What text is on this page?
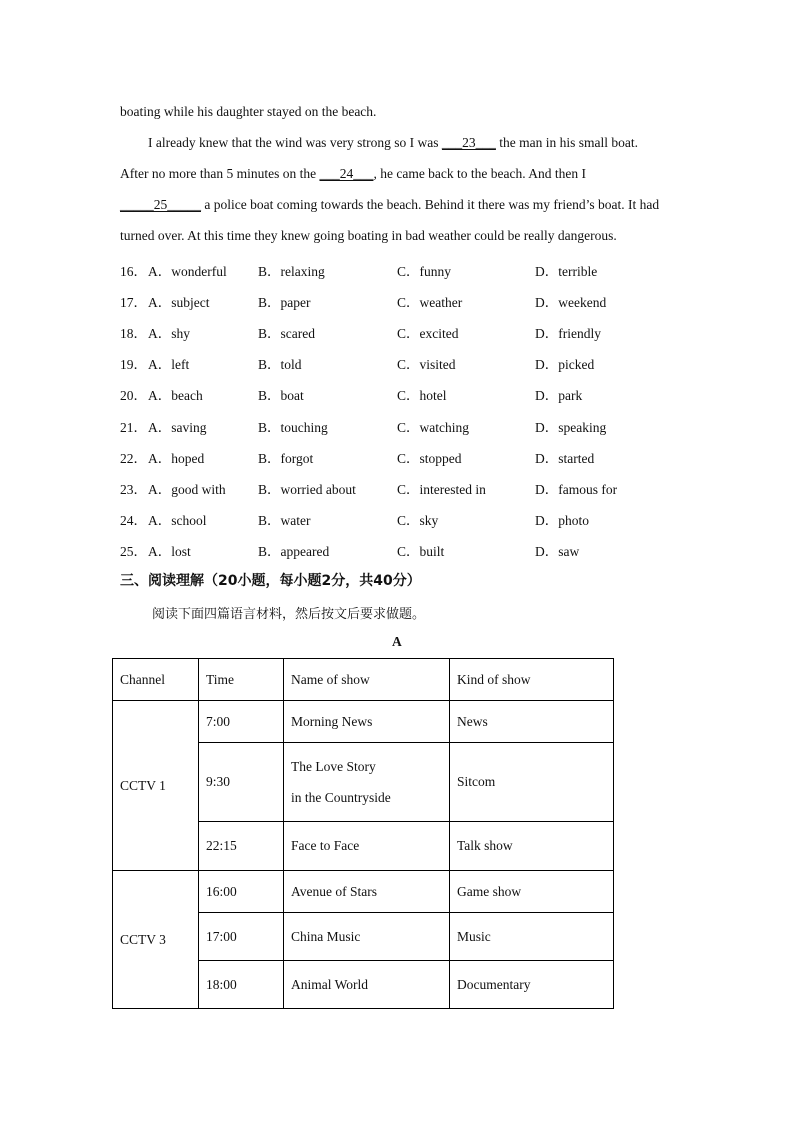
boating while his daughter stayed on the beach.
I already knew that the wind was very strong so I was ___23___ the man in his small boat.
After no more than 5 minutes on the ___24___, he came back to the beach. And then I
_____25_____ a police boat coming towards the beach. Behind it there was my friend’s boat. It had
turned over. At this time they knew going boating in bad weather could be really dangerous.
16． A．wonderful B．relaxing	C．funny	D．terrible
17． A．subject	B．paper	C．weather	D．weekend
18． A．shy	B．scared	C．excited	D．friendly
19． A．left	B．told	C．visited	D．picked
20． A．beach	B．boat	C．hotel	D．park
21． A．saving	B．touching	C．watching	D．speaking
22． A．hoped	B．forgot	C．stopped	D．started
23． A．good with B．worried about	C．interested in	D．famous for
24． A．school	B．water	C．sky	D．photo
25． A．lost	B．appeared	C．built	D．saw
三、阅读理解（20小题，每小题2分，共40分）
阅读下面四篇语言材料，然后按文后要求做题。
A
Channel	Time	Name of show	Kind of show
CCTV 1	7:00	Morning News	News
	9:30	The Love Story
in the Countryside	Sitcom
	22:15	Face to Face	Talk show
CCTV 3	16:00	Avenue of Stars	Game show
	17:00	China Music	Music
	18:00	Animal World	Documentary
